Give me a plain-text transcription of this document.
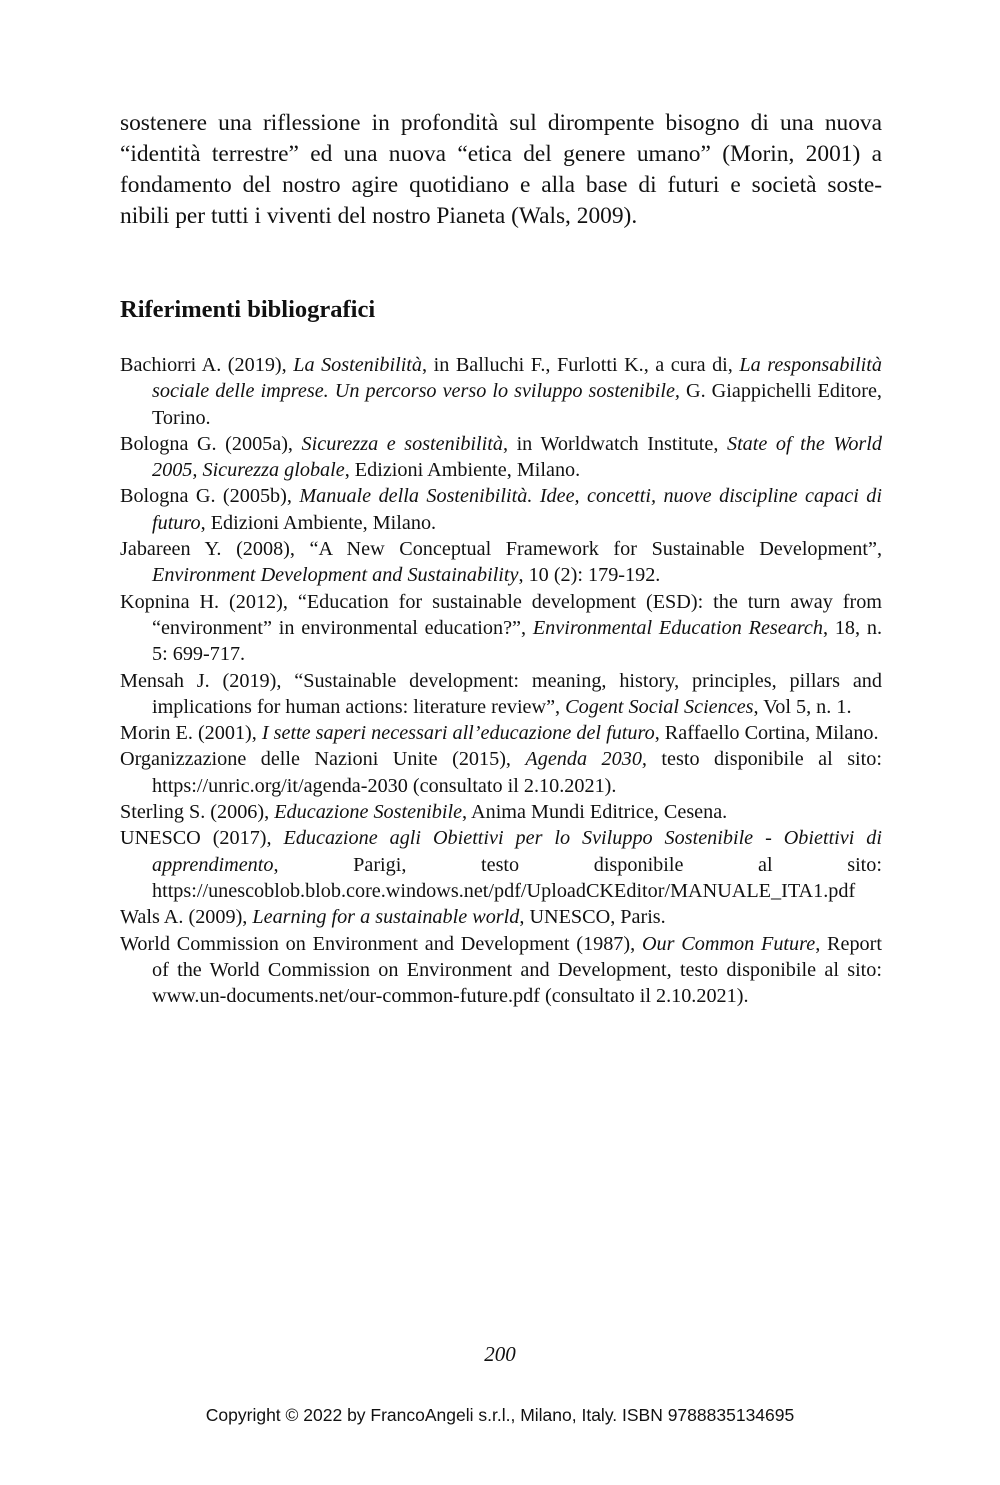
sostenere una riflessione in profondità sul dirompente bisogno di una nuova
“identità terrestre” ed una nuova “etica del genere umano” (Morin, 2001) a
fondamento del nostro agire quotidiano e alla base di futuri e società soste-
nibili per tutti i viventi del nostro Pianeta (Wals, 2009).
Riferimenti bibliografici
Bachiorri A. (2019), La Sostenibilità, in Balluchi F., Furlotti K., a cura di, La responsabilità sociale delle imprese. Un percorso verso lo sviluppo sostenibile, G. Giappichelli Editore, Torino.
Bologna G. (2005a), Sicurezza e sostenibilità, in Worldwatch Institute, State of the World 2005, Sicurezza globale, Edizioni Ambiente, Milano.
Bologna G. (2005b), Manuale della Sostenibilità. Idee, concetti, nuove discipline capaci di futuro, Edizioni Ambiente, Milano.
Jabareen Y. (2008), “A New Conceptual Framework for Sustainable Development”, Environment Development and Sustainability, 10 (2): 179-192.
Kopnina H. (2012), “Education for sustainable development (ESD): the turn away from “environment” in environmental education?”, Environmental Education Research, 18, n. 5: 699-717.
Mensah J. (2019), “Sustainable development: meaning, history, principles, pillars and implications for human actions: literature review”, Cogent Social Sciences, Vol 5, n. 1.
Morin E. (2001), I sette saperi necessari all’educazione del futuro, Raffaello Cortina, Milano.
Organizzazione delle Nazioni Unite (2015), Agenda 2030, testo disponibile al sito: https://unric.org/it/agenda-2030 (consultato il 2.10.2021).
Sterling S. (2006), Educazione Sostenibile, Anima Mundi Editrice, Cesena.
UNESCO (2017), Educazione agli Obiettivi per lo Sviluppo Sostenibile - Obiettivi di apprendimento, Parigi, testo disponibile al sito: https://unescoblob.blob.core.windows.net/pdf/UploadCKEditor/MANUALE_ITA1.pdf
Wals A. (2009), Learning for a sustainable world, UNESCO, Paris.
World Commission on Environment and Development (1987), Our Common Future, Report of the World Commission on Environment and Development, testo disponibile al sito: www.un-documents.net/our-common-future.pdf (consultato il 2.10.2021).
200
Copyright © 2022 by FrancoAngeli s.r.l., Milano, Italy. ISBN 9788835134695
